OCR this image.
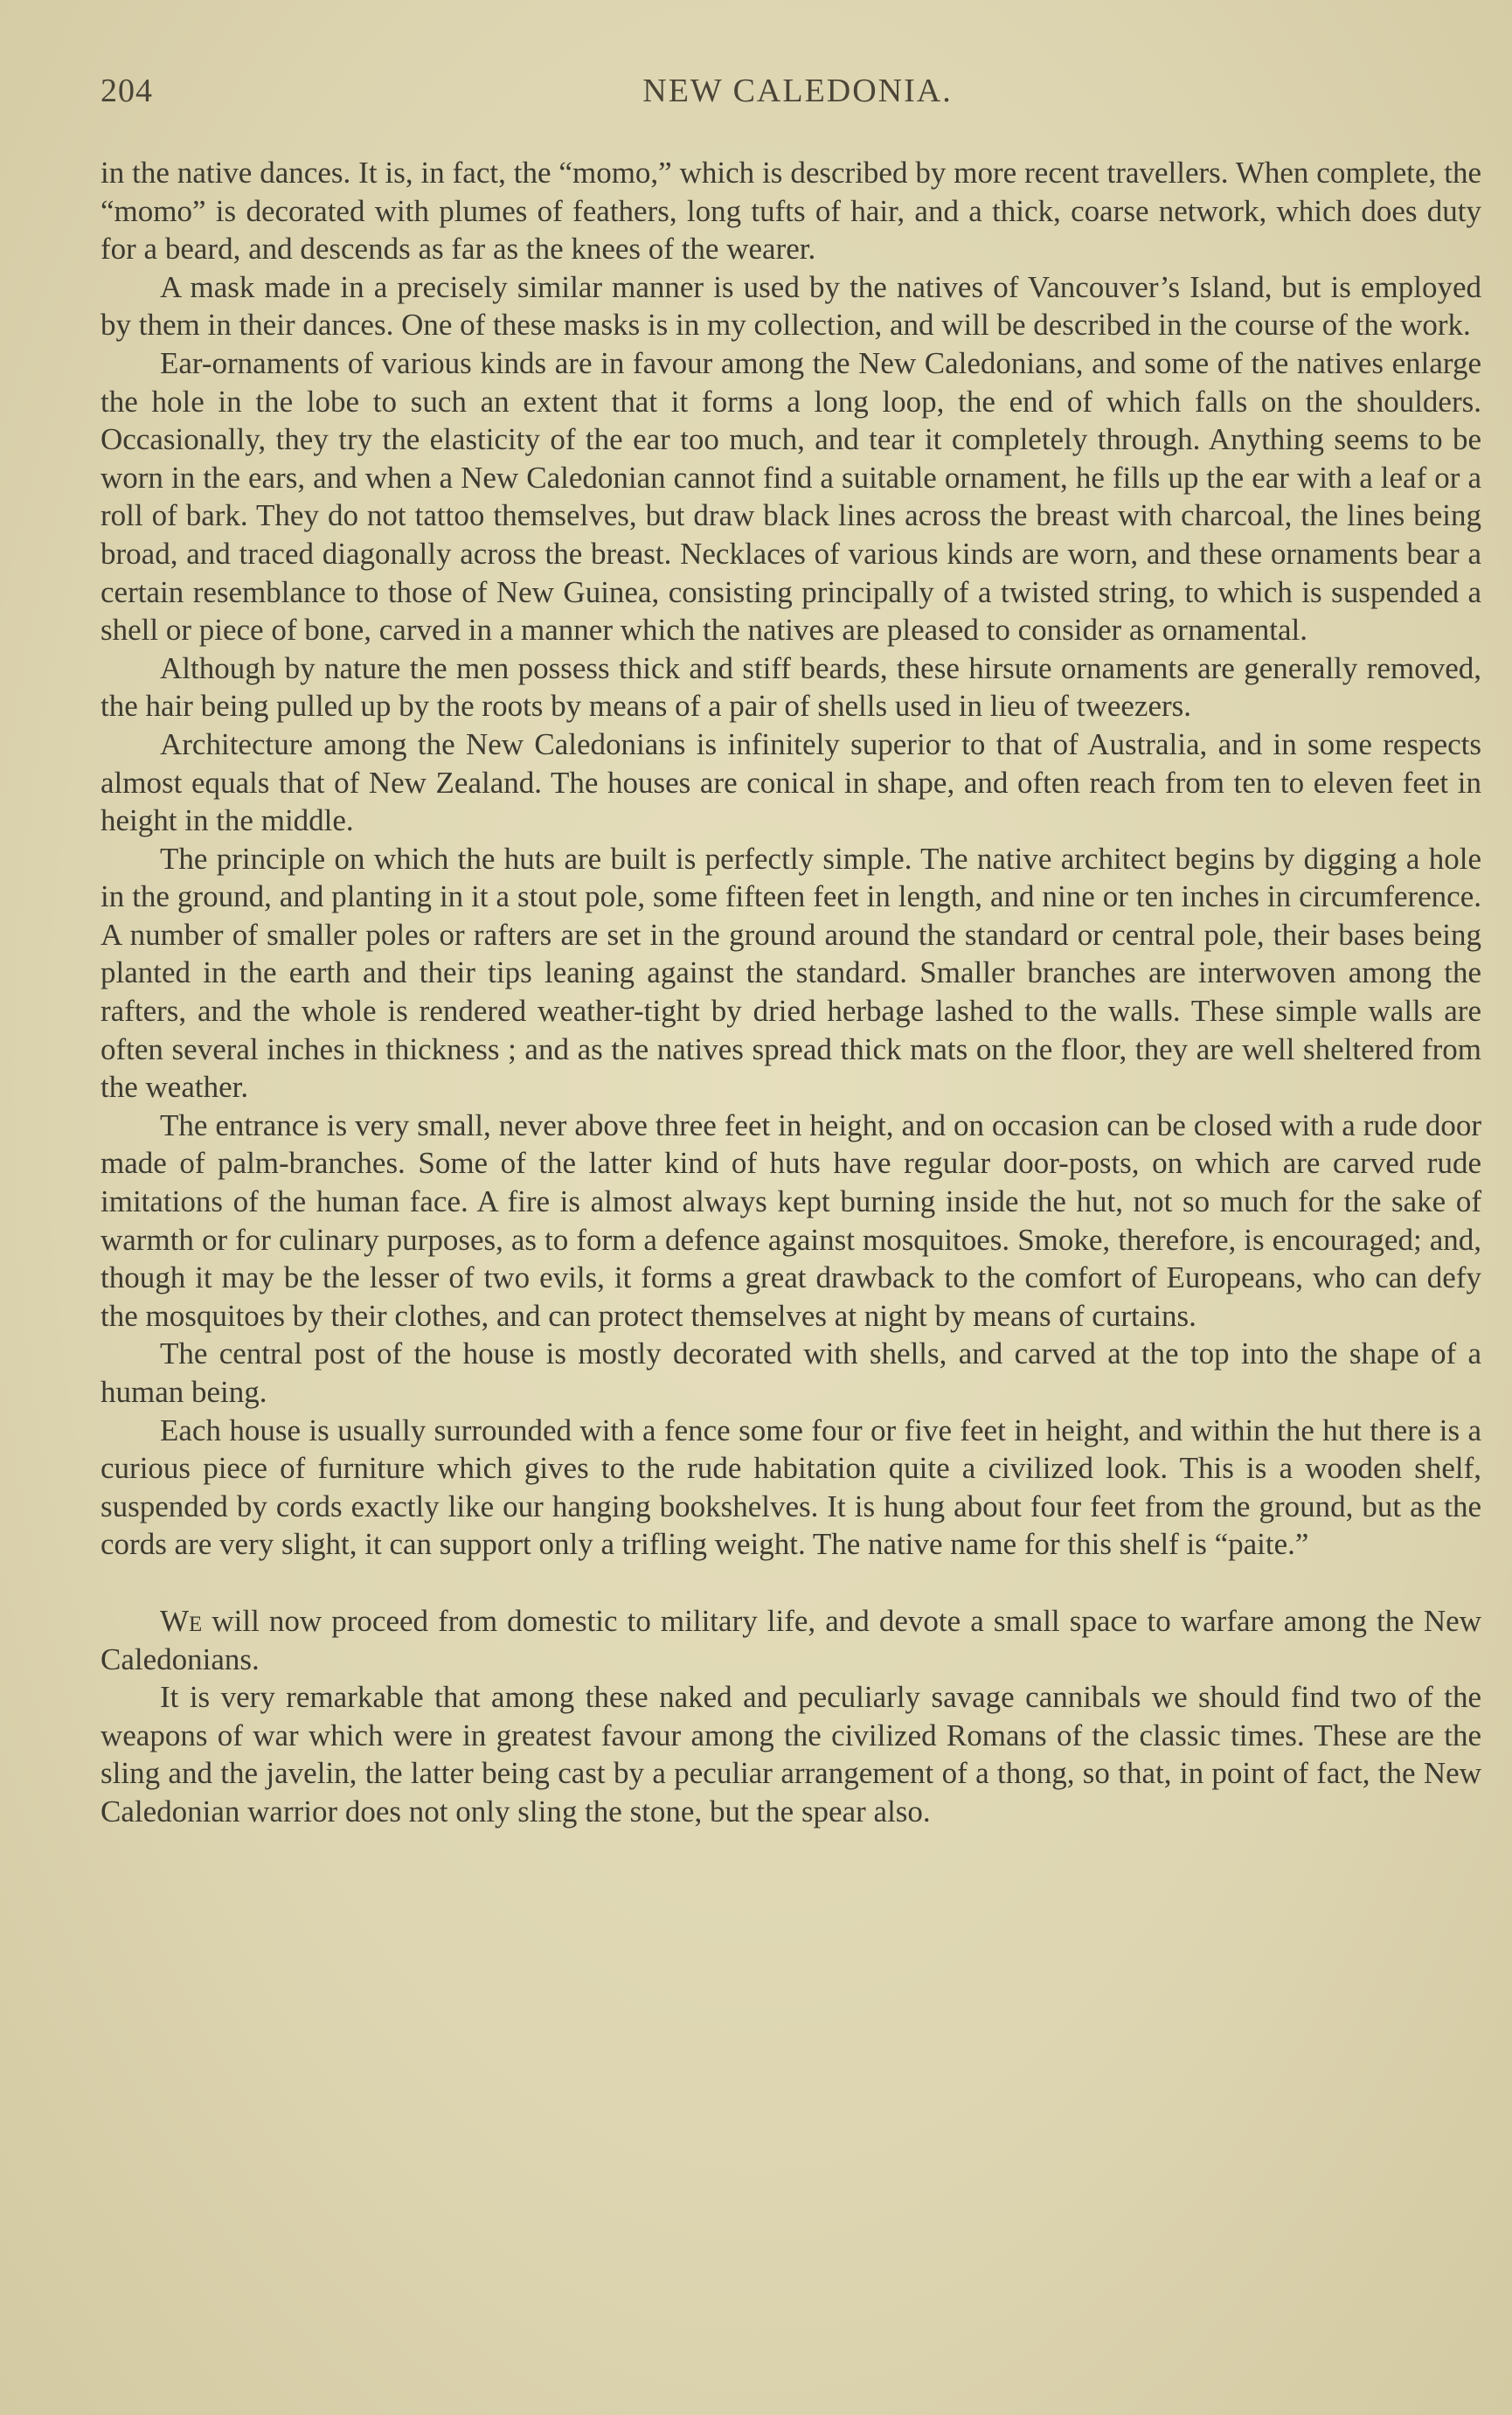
204	NEW CALEDONIA.

in the native dances. It is, in fact, the “momo,” which is described by more recent travellers. When complete, the “momo” is decorated with plumes of feathers, long tufts of hair, and a thick, coarse network, which does duty for a beard, and descends as far as the knees of the wearer.

A mask made in a precisely similar manner is used by the natives of Vancouver’s Island, but is employed by them in their dances. One of these masks is in my collection, and will be described in the course of the work.

Ear-ornaments of various kinds are in favour among the New Caledonians, and some of the natives enlarge the hole in the lobe to such an extent that it forms a long loop, the end of which falls on the shoulders. Occasionally, they try the elasticity of the ear too much, and tear it completely through. Anything seems to be worn in the ears, and when a New Caledonian cannot find a suitable ornament, he fills up the ear with a leaf or a roll of bark. They do not tattoo themselves, but draw black lines across the breast with charcoal, the lines being broad, and traced diagonally across the breast. Necklaces of various kinds are worn, and these ornaments bear a certain resemblance to those of New Guinea, consisting principally of a twisted string, to which is suspended a shell or piece of bone, carved in a manner which the natives are pleased to consider as ornamental.

Although by nature the men possess thick and stiff beards, these hirsute ornaments are generally removed, the hair being pulled up by the roots by means of a pair of shells used in lieu of tweezers.

Architecture among the New Caledonians is infinitely superior to that of Australia, and in some respects almost equals that of New Zealand. The houses are conical in shape, and often reach from ten to eleven feet in height in the middle.

The principle on which the huts are built is perfectly simple. The native architect begins by digging a hole in the ground, and planting in it a stout pole, some fifteen feet in length, and nine or ten inches in circumference. A number of smaller poles or rafters are set in the ground around the standard or central pole, their bases being planted in the earth and their tips leaning against the standard. Smaller branches are interwoven among the rafters, and the whole is rendered weather-tight by dried herbage lashed to the walls. These simple walls are often several inches in thickness ; and as the natives spread thick mats on the floor, they are well sheltered from the weather.

The entrance is very small, never above three feet in height, and on occasion can be closed with a rude door made of palm-branches. Some of the latter kind of huts have regular door-posts, on which are carved rude imitations of the human face. A fire is almost always kept burning inside the hut, not so much for the sake of warmth or for culinary purposes, as to form a defence against mosquitoes. Smoke, therefore, is encouraged; and, though it may be the lesser of two evils, it forms a great drawback to the comfort of Europeans, who can defy the mosquitoes by their clothes, and can protect themselves at night by means of curtains.

The central post of the house is mostly decorated with shells, and carved at the top into the shape of a human being.

Each house is usually surrounded with a fence some four or five feet in height, and within the hut there is a curious piece of furniture which gives to the rude habitation quite a civilized look. This is a wooden shelf, suspended by cords exactly like our hanging bookshelves. It is hung about four feet from the ground, but as the cords are very slight, it can support only a trifling weight. The native name for this shelf is “paite.”

We will now proceed from domestic to military life, and devote a small space to warfare among the New Caledonians.

It is very remarkable that among these naked and peculiarly savage cannibals we should find two of the weapons of war which were in greatest favour among the civilized Romans of the classic times. These are the sling and the javelin, the latter being cast by a peculiar arrangement of a thong, so that, in point of fact, the New Caledonian warrior does not only sling the stone, but the spear also.
